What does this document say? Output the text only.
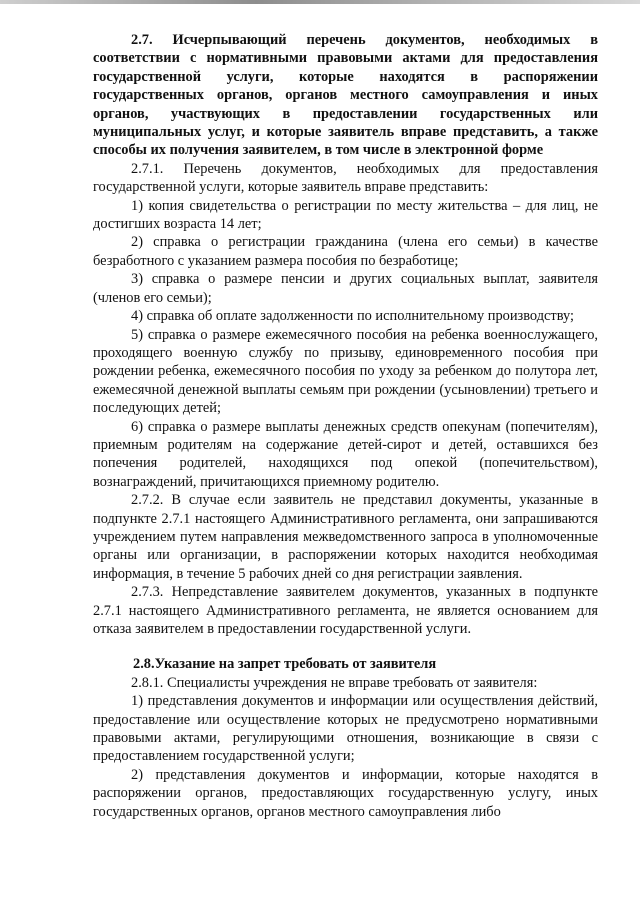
2.7. Исчерпывающий перечень документов, необходимых в соответствии с нормативными правовыми актами для предоставления государственной услуги, которые находятся в распоряжении государственных органов, органов местного самоуправления и иных органов, участвующих в предоставлении государственных или муниципальных услуг, и которые заявитель вправе представить, а также способы их получения заявителем, в том числе в электронной форме

2.7.1. Перечень документов, необходимых для предоставления государственной услуги, которые заявитель вправе представить:

1) копия свидетельства о регистрации по месту жительства – для лиц, не достигших возраста 14 лет;

2) справка о регистрации гражданина (члена его семьи) в качестве безработного с указанием размера пособия по безработице;

3) справка о размере пенсии и других социальных выплат, заявителя (членов его семьи);

4) справка об оплате задолженности по исполнительному производству;

5) справка о размере ежемесячного пособия на ребенка военнослужащего, проходящего военную службу по призыву, единовременного пособия при рождении ребенка, ежемесячного пособия по уходу за ребенком до полутора лет, ежемесячной денежной выплаты семьям при рождении (усыновлении) третьего и последующих детей;

6) справка о размере выплаты денежных средств опекунам (попечителям), приемным родителям на содержание детей-сирот и детей, оставшихся без попечения родителей, находящихся под опекой (попечительством), вознаграждений, причитающихся приемному родителю.

2.7.2. В случае если заявитель не представил документы, указанные в подпункте 2.7.1 настоящего Административного регламента, они запрашиваются учреждением путем направления межведомственного запроса в уполномоченные органы или организации, в распоряжении которых находится необходимая информация, в течение 5 рабочих дней со дня регистрации заявления.

2.7.3. Непредставление заявителем документов, указанных в подпункте 2.7.1 настоящего Административного регламента, не является основанием для отказа заявителем в предоставлении государственной услуги.

2.8.Указание на запрет требовать от заявителя

2.8.1. Специалисты учреждения не вправе требовать от заявителя:

1) представления документов и информации или осуществления действий, предоставление или осуществление которых не предусмотрено нормативными правовыми актами, регулирующими отношения, возникающие в связи с предоставлением государственной услуги;

2) представления документов и информации, которые находятся в распоряжении органов, предоставляющих государственную услугу, иных государственных органов, органов местного самоуправления либо
